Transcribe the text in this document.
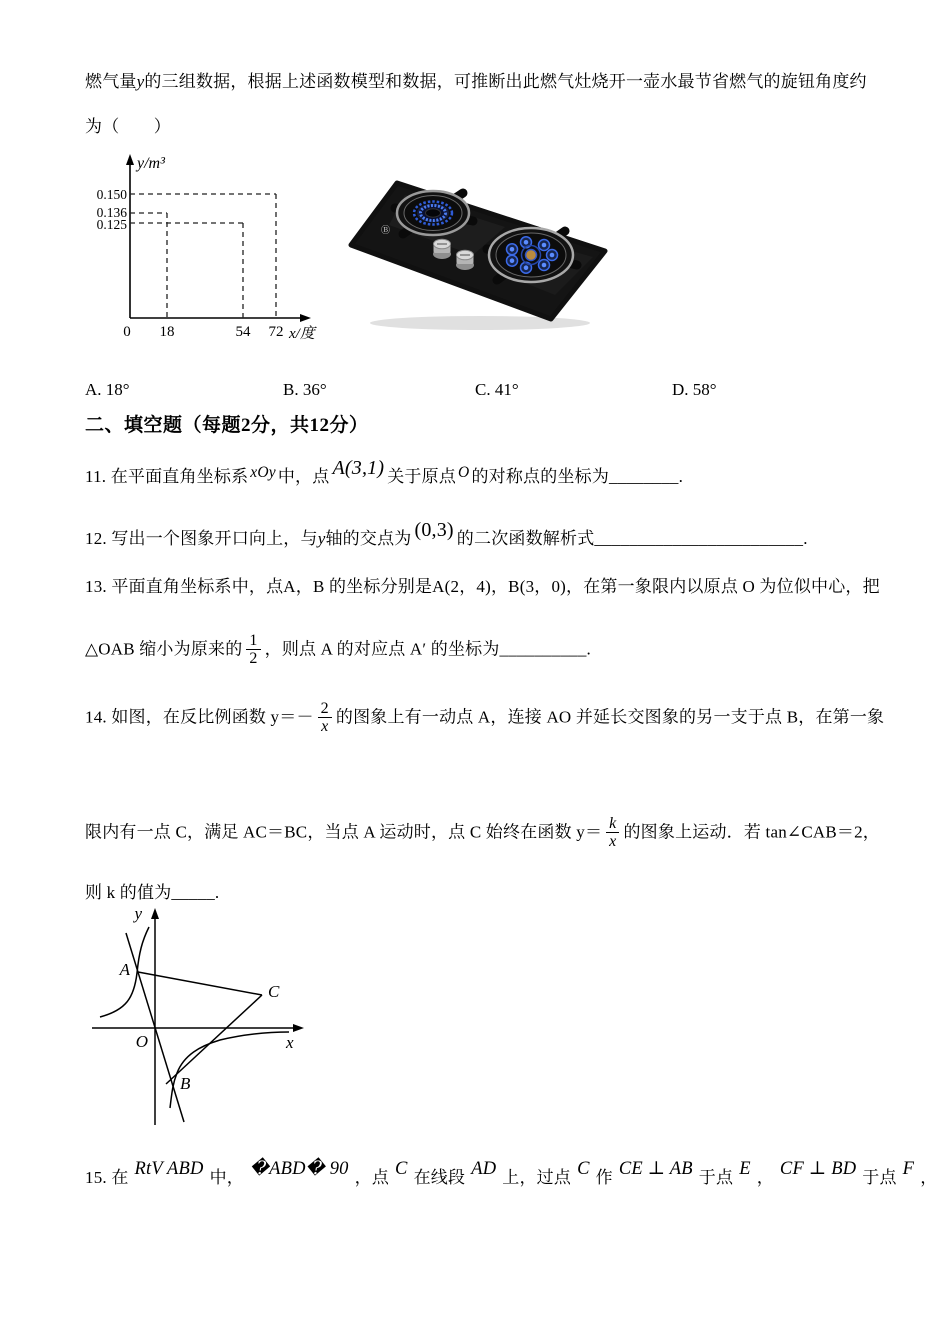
燃气量y的三组数据，根据上述函数模型和数据，可推断出此燃气灶烧开一壶水最节省燃气的旋钮角度约
为（　　）
y/m³
0.150
0.136
0.125
0 18	54 72 x/度
Ⓑ
A. 18°	B. 36°	C. 41°	D. 58°
二、填空题（每题2分，共12分）
11. 在平面直角坐标系 xOy 中，点 A(3,1) 关于原点 O 的对称点的坐标为________.
12. 写出一个图象开口向上，与y轴的交点为 (0,3) 的二次函数解析式________________________.
13. 平面直角坐标系中，点A，B 的坐标分别是A(2，4)，B(3，0)，在第一象限内以原点 O 为位似中心，把
△OAB 缩小为原来的 $\frac{1}{2}$ ，则点 A 的对应点 A′ 的坐标为__________.
14. 如图，在反比例函数 $y=- \frac{2}{x}$ 的图象上有一动点 A，连接 AO 并延长交图象的另一支于点 B，在第一象
限内有一点 C，满足 AC＝BC，当点 A 运动时，点 C 始终在函数 $y= \frac{k}{x}$ 的图象上运动．若 tan∠CAB＝2，
则 k 的值为_____.
y
x
O
A
B
C
15. 在 RtV ABD 中， �ABD� 90 ，点 C 在线段 AD 上，过点 C 作 CE ⊥ AB 于点 E ， CF ⊥ BD 于点 F ，
